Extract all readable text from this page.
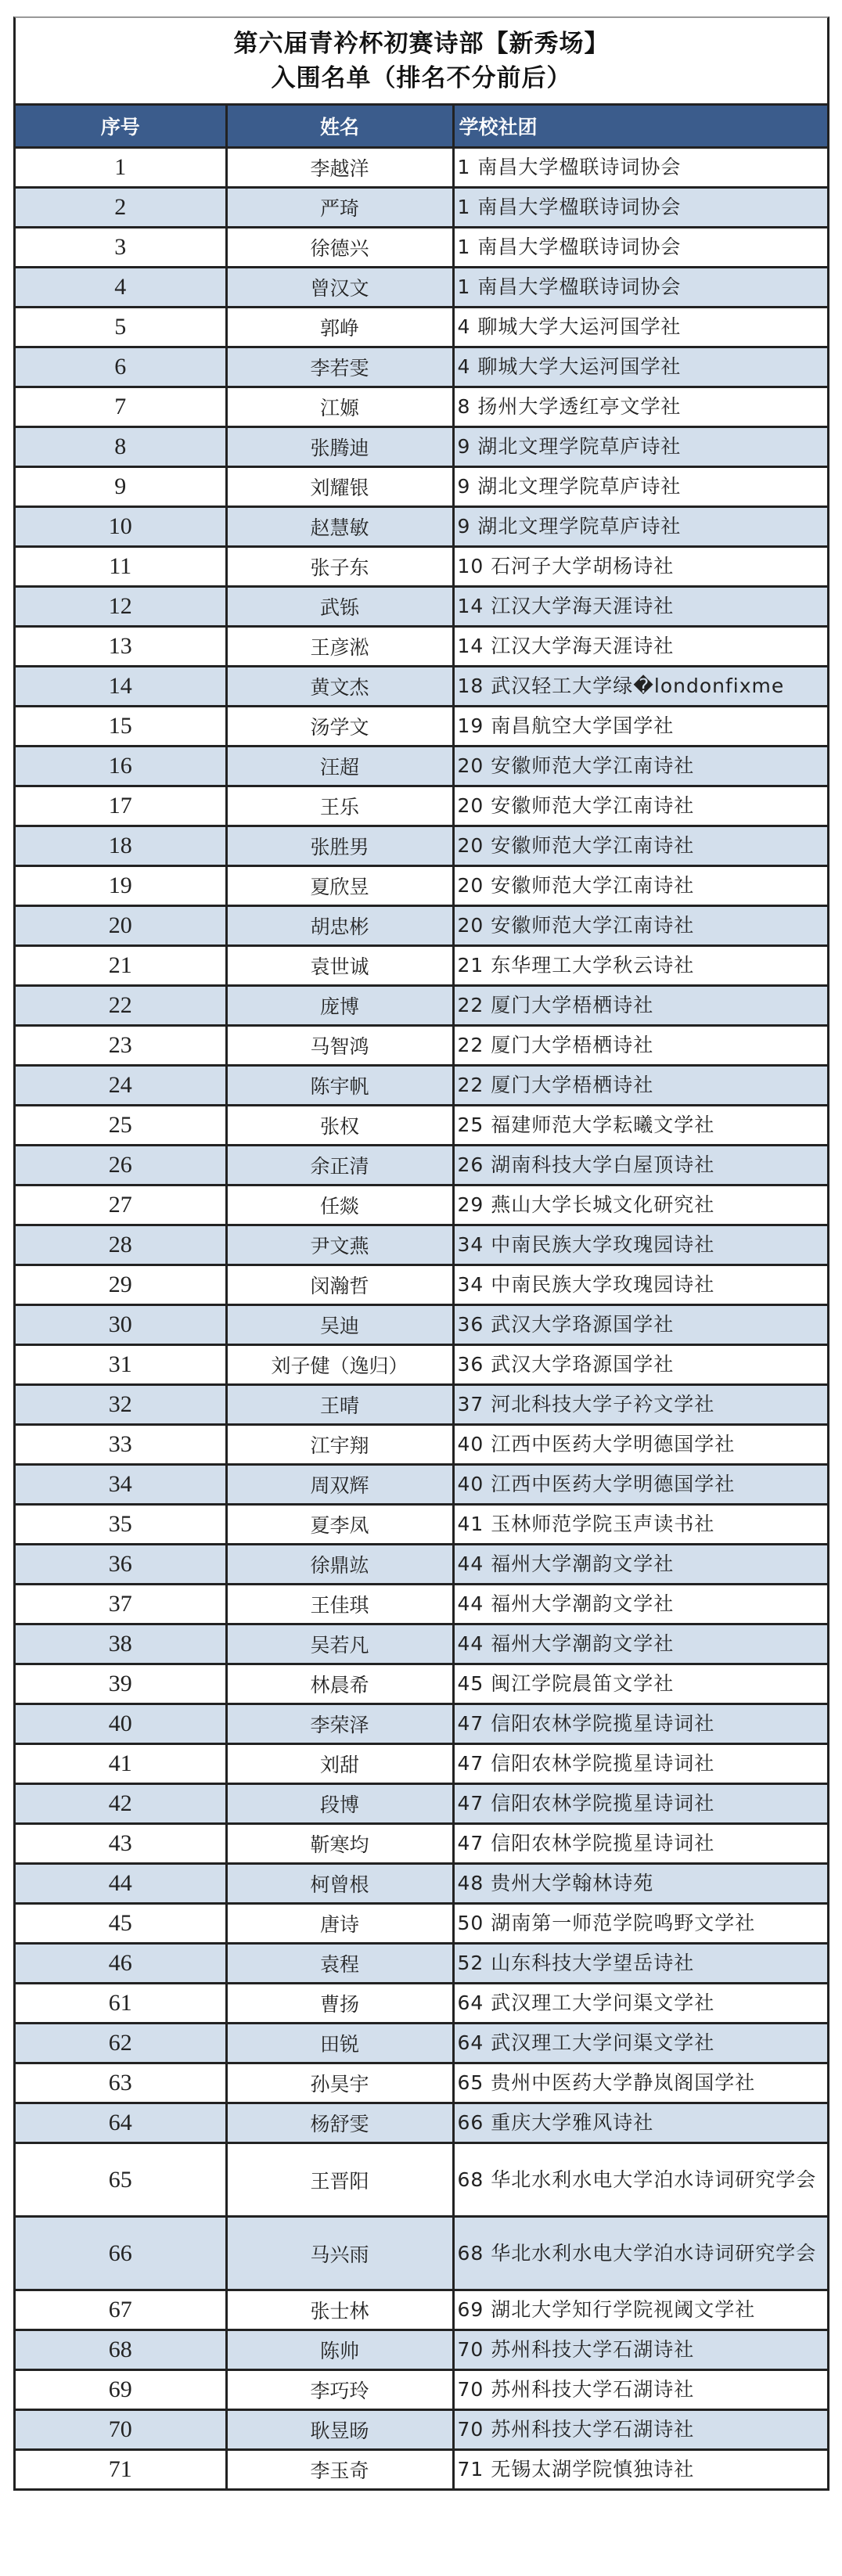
第六届青衿杯初赛诗部【新秀场】
入围名单（排名不分前后）
序号	姓名	学校社团
1	李越洋	1 南昌大学楹联诗词协会
2	严琦	1 南昌大学楹联诗词协会
3	徐德兴	1 南昌大学楹联诗词协会
4	曾汉文	1 南昌大学楹联诗词协会
5	郭峥	4 聊城大学大运河国学社
6	李若雯	4 聊城大学大运河国学社
7	江嫄	8 扬州大学透红亭文学社
8	张腾迪	9 湖北文理学院草庐诗社
9	刘耀银	9 湖北文理学院草庐诗社
10	赵慧敏	9 湖北文理学院草庐诗社
11	张子东	10 石河子大学胡杨诗社
12	武铄	14 江汉大学海天涯诗社
13	王彦淞	14 江汉大学海天涯诗社
14	黄文杰	18 武汉轻工大学绿�londonfixme
15	汤学文	19 南昌航空大学国学社
16	汪超	20 安徽师范大学江南诗社
17	王乐	20 安徽师范大学江南诗社
18	张胜男	20 安徽师范大学江南诗社
19	夏欣昱	20 安徽师范大学江南诗社
20	胡忠彬	20 安徽师范大学江南诗社
21	袁世诚	21 东华理工大学秋云诗社
22	庞博	22 厦门大学梧栖诗社
23	马智鸿	22 厦门大学梧栖诗社
24	陈宇帆	22 厦门大学梧栖诗社
25	张权	25 福建师范大学耘曦文学社
26	余正清	26 湖南科技大学白屋顶诗社
27	任燚	29 燕山大学长城文化研究社
28	尹文燕	34 中南民族大学玫瑰园诗社
29	闵瀚哲	34 中南民族大学玫瑰园诗社
30	吴迪	36 武汉大学珞源国学社
31	刘子健（逸归）	36 武汉大学珞源国学社
32	王晴	37 河北科技大学子衿文学社
33	江宇翔	40 江西中医药大学明德国学社
34	周双辉	40 江西中医药大学明德国学社
35	夏李凤	41 玉林师范学院玉声读书社
36	徐鼎竑	44 福州大学潮韵文学社
37	王佳琪	44 福州大学潮韵文学社
38	吴若凡	44 福州大学潮韵文学社
39	林晨希	45 闽江学院晨笛文学社
40	李荣泽	47 信阳农林学院揽星诗词社
41	刘甜	47 信阳农林学院揽星诗词社
42	段博	47 信阳农林学院揽星诗词社
43	靳寒均	47 信阳农林学院揽星诗词社
44	柯曾根	48 贵州大学翰林诗苑
45	唐诗	50 湖南第一师范学院鸣野文学社
46	袁程	52 山东科技大学望岳诗社
61	曹扬	64 武汉理工大学问渠文学社
62	田锐	64 武汉理工大学问渠文学社
63	孙昊宇	65 贵州中医药大学静岚阁国学社
64	杨舒雯	66 重庆大学雅风诗社
65	王晋阳	68 华北水利水电大学泊水诗词研究学会
66	马兴雨	68 华北水利水电大学泊水诗词研究学会
67	张士林	69 湖北大学知行学院视阈文学社
68	陈帅	70 苏州科技大学石湖诗社
69	李巧玲	70 苏州科技大学石湖诗社
70	耿昱旸	70 苏州科技大学石湖诗社
71	李玉奇	71 无锡太湖学院慎独诗社
